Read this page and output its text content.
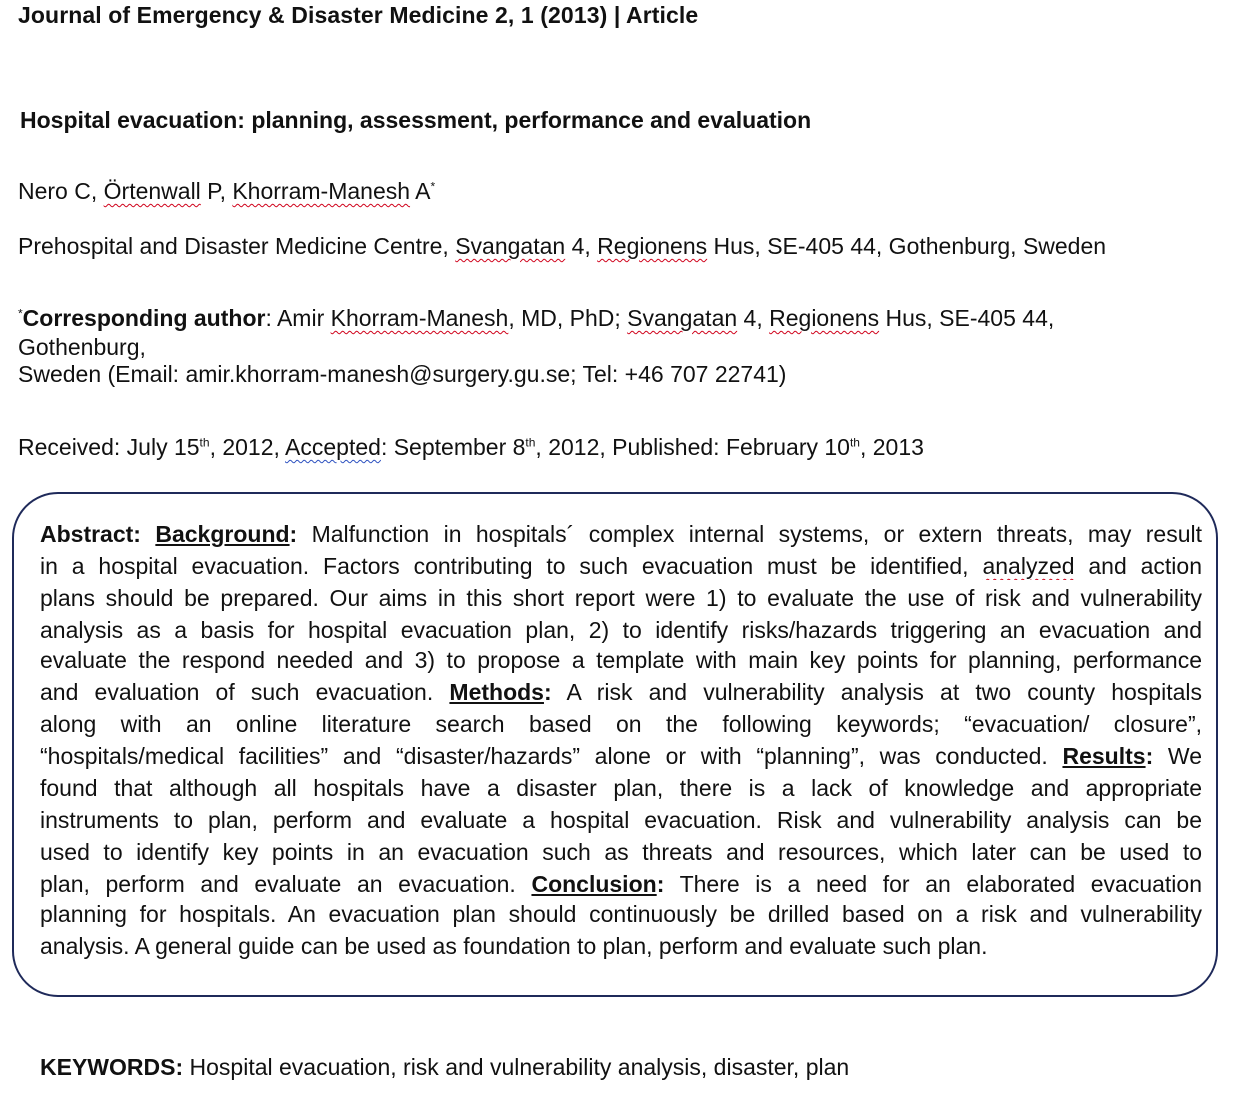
Journal of Emergency & Disaster Medicine 2, 1 (2013) | Article
Hospital evacuation: planning, assessment, performance and evaluation
Nero C, Örtenwall P, Khorram-Manesh A*
Prehospital and Disaster Medicine Centre, Svangatan 4, Regionens Hus, SE-405 44, Gothenburg, Sweden
*Corresponding author: Amir Khorram-Manesh, MD, PhD; Svangatan 4, Regionens Hus, SE-405 44,
Gothenburg,
Sweden (Email: amir.khorram-manesh@surgery.gu.se; Tel: +46 707 22741)
Received: July 15th, 2012, Accepted: September 8th, 2012, Published: February 10th, 2013
Abstract: Background: Malfunction in hospitals´ complex internal systems, or extern threats, may result
in a hospital evacuation. Factors contributing to such evacuation must be identified, analyzed and action
plans should be prepared. Our aims in this short report were 1) to evaluate the use of risk and vulnerability
analysis as a basis for hospital evacuation plan, 2) to identify risks/hazards triggering an evacuation and
evaluate the respond needed and 3) to propose a template with main key points for planning, performance
and evaluation of such evacuation. Methods: A risk and vulnerability analysis at two county hospitals
along with an online literature search based on the following keywords; “evacuation/ closure”,
“hospitals/medical facilities” and “disaster/hazards” alone or with “planning”, was conducted. Results: We
found that although all hospitals have a disaster plan, there is a lack of knowledge and appropriate
instruments to plan, perform and evaluate a hospital evacuation. Risk and vulnerability analysis can be
used to identify key points in an evacuation such as threats and resources, which later can be used to
plan, perform and evaluate an evacuation. Conclusion: There is a need for an elaborated evacuation
planning for hospitals. An evacuation plan should continuously be drilled based on a risk and vulnerability
analysis. A general guide can be used as foundation to plan, perform and evaluate such plan.
KEYWORDS: Hospital evacuation, risk and vulnerability analysis, disaster, plan
